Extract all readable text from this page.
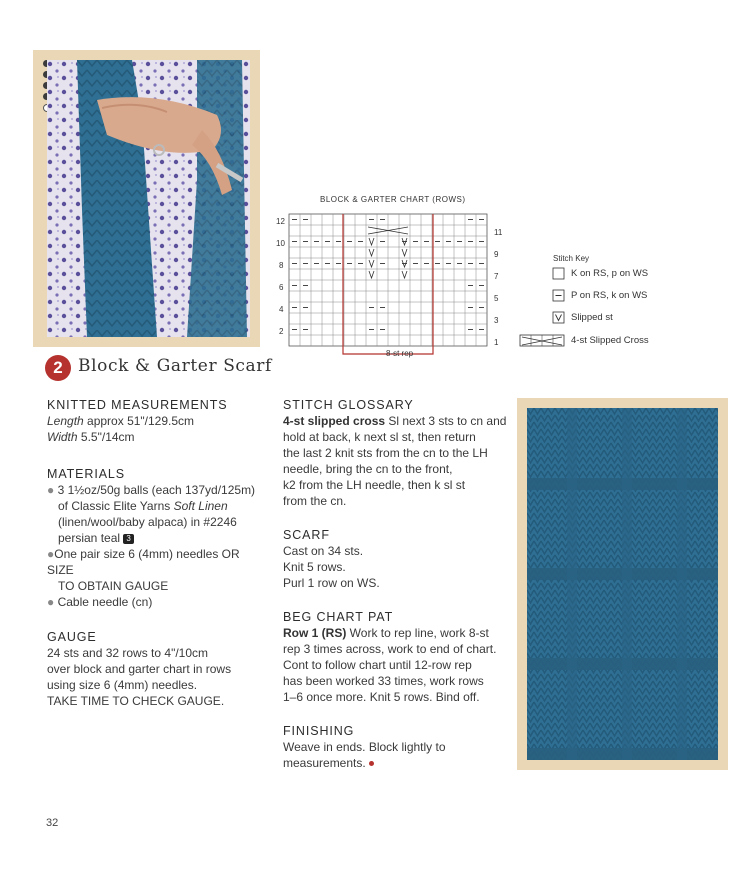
2 Block & Garter Scarf
BLOCK & GARTER CHART (ROWS)
12
10
8
6
4
2
11
9
7
5
3
1
8-st rep
Stitch Key
K on RS, p on WS
P on RS, k on WS
Slipped st
4-st Slipped Cross
KNITTED MEASUREMENTS
Length approx 51"/129.5cm
Width 5.5"/14cm
MATERIALS
● 3 1½oz/50g balls (each 137yd/125m)
of Classic Elite Yarns Soft Linen
(linen/wool/baby alpaca) in #2246
persian teal 3
●One pair size 6 (4mm) needles OR SIZE
TO OBTAIN GAUGE
● Cable needle (cn)
GAUGE
24 sts and 32 rows to 4"/10cm
over block and garter chart in rows
using size 6 (4mm) needles.
TAKE TIME TO CHECK GAUGE.
STITCH GLOSSARY
4-st slipped cross Sl next 3 sts to cn and
hold at back, k next sl st, then return
the last 2 knit sts from the cn to the LH
needle, bring the cn to the front,
k2 from the LH needle, then k sl st
from the cn.
SCARF
Cast on 34 sts.
Knit 5 rows.
Purl 1 row on WS.
BEG CHART PAT
Row 1 (RS) Work to rep line, work 8-st
rep 3 times across, work to end of chart.
Cont to follow chart until 12-row rep
has been worked 33 times, work rows
1–6 once more. Knit 5 rows. Bind off.
FINISHING
Weave in ends. Block lightly to
measurements.
32
